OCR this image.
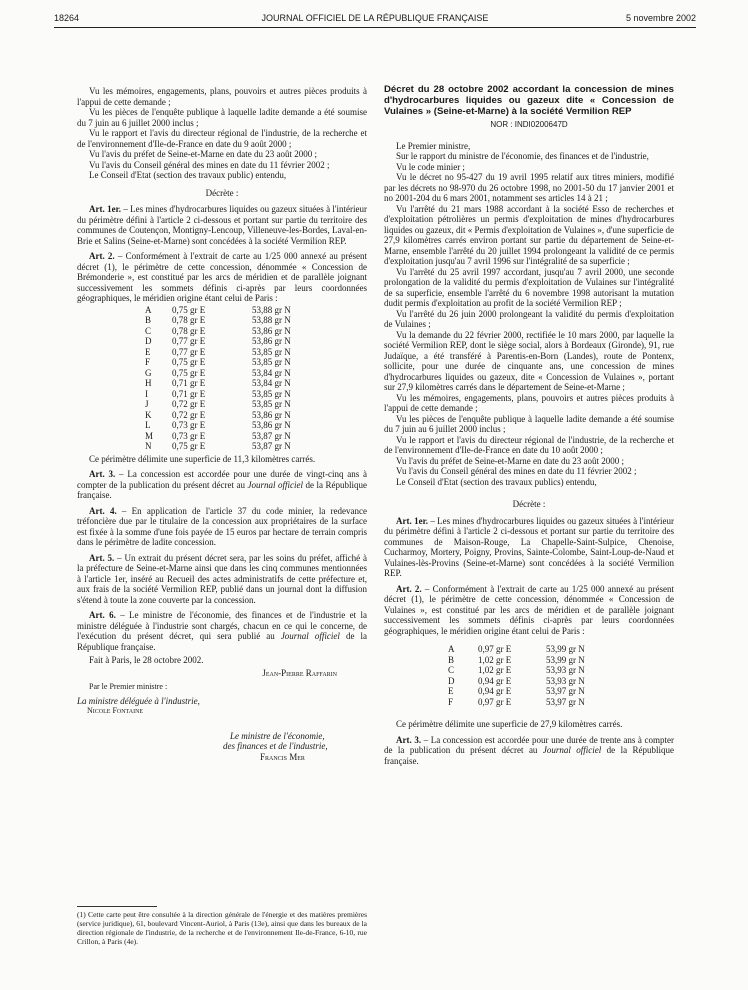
18264	JOURNAL OFFICIEL DE LA RÉPUBLIQUE FRANÇAISE	5 novembre 2002

Vu les mémoires, engagements, plans, pouvoirs et autres pièces produits à l'appui de cette demande ;

Vu les pièces de l'enquête publique à laquelle ladite demande a été soumise du 7 juin au 6 juillet 2000 inclus ;

Vu le rapport et l'avis du directeur régional de l'industrie, de la recherche et de l'environnement d'Ile-de-France en date du 9 août 2000 ;

Vu l'avis du préfet de Seine-et-Marne en date du 23 août 2000 ;

Vu l'avis du Conseil général des mines en date du 11 février 2002 ;

Le Conseil d'Etat (section des travaux public) entendu,

Décrète :

Art. 1er. – Les mines d'hydrocarbures liquides ou gazeux situées à l'intérieur du périmètre défini à l'article 2 ci-dessous et portant sur partie du territoire des communes de Coutençon, Montigny-Lencoup, Villeneuve-les-Bordes, Laval-en-Brie et Salins (Seine-et-Marne) sont concédées à la société Vermilion REP.

Art. 2. – Conformément à l'extrait de carte au 1/25 000 annexé au présent décret (1), le périmètre de cette concession, dénommée « Concession de Brémonderie », est constitué par les arcs de méridien et de parallèle joignant successivement les sommets définis ci-après par leurs coordonnées géographiques, le méridien origine étant celui de Paris :

A	0,75 gr E	53,88 gr N
B	0,78 gr E	53,88 gr N
C	0,78 gr E	53,86 gr N
D	0,77 gr E	53,86 gr N
E	0,77 gr E	53,85 gr N
F	0,75 gr E	53,85 gr N
G	0,75 gr E	53,84 gr N
H	0,71 gr E	53,84 gr N
I	0,71 gr E	53,85 gr N
J	0,72 gr E	53,85 gr N
K	0,72 gr E	53,86 gr N
L	0,73 gr E	53,86 gr N
M	0,73 gr E	53,87 gr N
N	0,75 gr E	53,87 gr N

Ce périmètre délimite une superficie de 11,3 kilomètres carrés.

Art. 3. – La concession est accordée pour une durée de vingt-cinq ans à compter de la publication du présent décret au Journal officiel de la République française.

Art. 4. – En application de l'article 37 du code minier, la redevance tréfoncière due par le titulaire de la concession aux propriétaires de la surface est fixée à la somme d'une fois payée de 15 euros par hectare de terrain compris dans le périmètre de ladite concession.

Art. 5. – Un extrait du présent décret sera, par les soins du préfet, affiché à la préfecture de Seine-et-Marne ainsi que dans les cinq communes mentionnées à l'article 1er, inséré au Recueil des actes administratifs de cette préfecture et, aux frais de la société Vermilion REP, publié dans un journal dont la diffusion s'étend à toute la zone couverte par la concession.

Art. 6. – Le ministre de l'économie, des finances et de l'industrie et la ministre déléguée à l'industrie sont chargés, chacun en ce qui le concerne, de l'exécution du présent décret, qui sera publié au Journal officiel de la République française.

Fait à Paris, le 28 octobre 2002.

Jean-Pierre Raffarin
Par le Premier ministre :
La ministre déléguée à l'industrie,
Nicole Fontaine
Le ministre de l'économie,
des finances et de l'industrie,
Francis Mer
(1) Cette carte peut être consultée à la direction générale de l'énergie et des matières premières (service juridique), 61, boulevard Vincent-Auriol, à Paris (13e), ainsi que dans les bureaux de la direction régionale de l'industrie, de la recherche et de l'environnement Ile-de-France, 6-10, rue Crillon, à Paris (4e).

Décret du 28 octobre 2002 accordant la concession de mines d'hydrocarbures liquides ou gazeux dite « Concession de Vulaines » (Seine-et-Marne) à la société Vermilion REP

NOR : INDI0200647D

Le Premier ministre,

Sur le rapport du ministre de l'économie, des finances et de l'industrie,

Vu le code minier ;

Vu le décret no 95-427 du 19 avril 1995 relatif aux titres miniers, modifié par les décrets no 98-970 du 26 octobre 1998, no 2001-50 du 17 janvier 2001 et no 2001-204 du 6 mars 2001, notamment ses articles 14 à 21 ;

Vu l'arrêté du 21 mars 1988 accordant à la société Esso de recherches et d'exploitation pétrolières un permis d'exploitation de mines d'hydrocarbures liquides ou gazeux, dit « Permis d'exploitation de Vulaines », d'une superficie de 27,9 kilomètres carrés environ portant sur partie du département de Seine-et-Marne, ensemble l'arrêté du 20 juillet 1994 prolongeant la validité de ce permis d'exploitation jusqu'au 7 avril 1996 sur l'intégralité de sa superficie ;

Vu l'arrêté du 25 avril 1997 accordant, jusqu'au 7 avril 2000, une seconde prolongation de la validité du permis d'exploitation de Vulaines sur l'intégralité de sa superficie, ensemble l'arrêté du 6 novembre 1998 autorisant la mutation dudit permis d'exploitation au profit de la société Vermilion REP ;

Vu l'arrêté du 26 juin 2000 prolongeant la validité du permis d'exploitation de Vulaines ;

Vu la demande du 22 février 2000, rectifiée le 10 mars 2000, par laquelle la société Vermilion REP, dont le siège social, alors à Bordeaux (Gironde), 91, rue Judaïque, a été transféré à Parentis-en-Born (Landes), route de Pontenx, sollicite, pour une durée de cinquante ans, une concession de mines d'hydrocarbures liquides ou gazeux, dite « Concession de Vulaines », portant sur 27,9 kilomètres carrés dans le département de Seine-et-Marne ;

Vu les mémoires, engagements, plans, pouvoirs et autres pièces produits à l'appui de cette demande ;

Vu les pièces de l'enquête publique à laquelle ladite demande a été soumise du 7 juin au 6 juillet 2000 inclus ;

Vu le rapport et l'avis du directeur régional de l'industrie, de la recherche et de l'environnement d'Ile-de-France en date du 10 août 2000 ;

Vu l'avis du préfet de Seine-et-Marne en date du 23 août 2000 ;

Vu l'avis du Conseil général des mines en date du 11 février 2002 ;

Le Conseil d'Etat (section des travaux publics) entendu,

Décrète :

Art. 1er. – Les mines d'hydrocarbures liquides ou gazeux situées à l'intérieur du périmètre défini à l'article 2 ci-dessous et portant sur partie du territoire des communes de Maison-Rouge, La Chapelle-Saint-Sulpice, Chenoise, Cucharmoy, Mortery, Poigny, Provins, Sainte-Colombe, Saint-Loup-de-Naud et Vulaines-lès-Provins (Seine-et-Marne) sont concédées à la société Vermilion REP.

Art. 2. – Conformément à l'extrait de carte au 1/25 000 annexé au présent décret (1), le périmètre de cette concession, dénommée « Concession de Vulaines », est constitué par les arcs de méridien et de parallèle joignant successivement les sommets définis ci-après par leurs coordonnées géographiques, le méridien origine étant celui de Paris :

A	0,97 gr E	53,99 gr N
B	1,02 gr E	53,99 gr N
C	1,02 gr E	53,93 gr N
D	0,94 gr E	53,93 gr N
E	0,94 gr E	53,97 gr N
F	0,97 gr E	53,97 gr N

Ce périmètre délimite une superficie de 27,9 kilomètres carrés.

Art. 3. – La concession est accordée pour une durée de trente ans à compter de la publication du présent décret au Journal officiel de la République française.
